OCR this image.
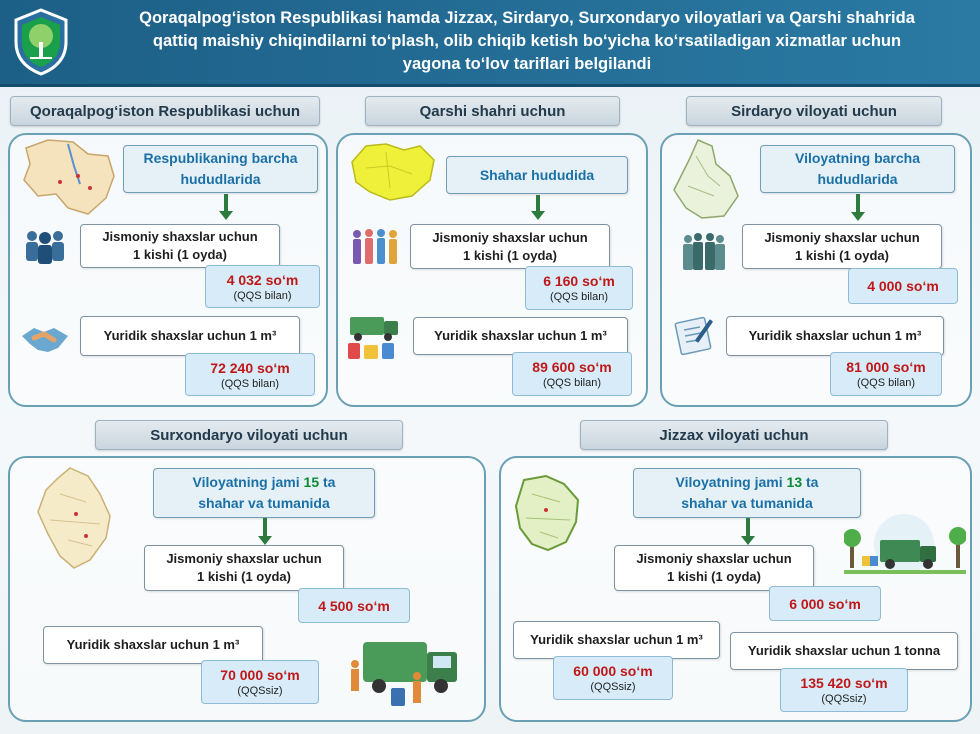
Qoraqalpog‘iston Respublikasi hamda Jizzax, Sirdaryo, Surxondaryo viloyatlari va Qarshi shahrida
qattiq maishiy chiqindilarni to‘plash, olib chiqib ketish bo‘yicha ko‘rsatiladigan xizmatlar uchun
yagona to‘lov tariflari belgilandi
Qoraqalpog‘iston Respublikasi uchun
Respublikaning barcha
hududlarida
Jismoniy shaxslar uchun
1 kishi (1 oyda)
4 032 so‘m
(QQS bilan)
Yuridik shaxslar uchun 1 m³
72 240 so‘m
(QQS bilan)
Qarshi shahri uchun
Shahar hududida
Jismoniy shaxslar uchun
1 kishi (1 oyda)
6 160 so‘m
(QQS bilan)
Yuridik shaxslar uchun 1 m³
89 600 so‘m
(QQS bilan)
Sirdaryo viloyati uchun
Viloyatning barcha
hududlarida
Jismoniy shaxslar uchun
1 kishi (1 oyda)
4 000 so‘m
Yuridik shaxslar uchun 1 m³
81 000 so‘m
(QQS bilan)
Surxondaryo viloyati uchun
Viloyatning jami 15 ta
shahar va tumanida
Jismoniy shaxslar uchun
1 kishi (1 oyda)
4 500 so‘m
Yuridik shaxslar uchun 1 m³
70 000 so‘m
(QQSsiz)
Jizzax viloyati uchun
Viloyatning jami 13 ta
shahar va tumanida
Jismoniy shaxslar uchun
1 kishi (1 oyda)
6 000 so‘m
Yuridik shaxslar uchun 1 m³
60 000 so‘m
(QQSsiz)
Yuridik shaxslar uchun 1 tonna
135 420 so‘m
(QQSsiz)
